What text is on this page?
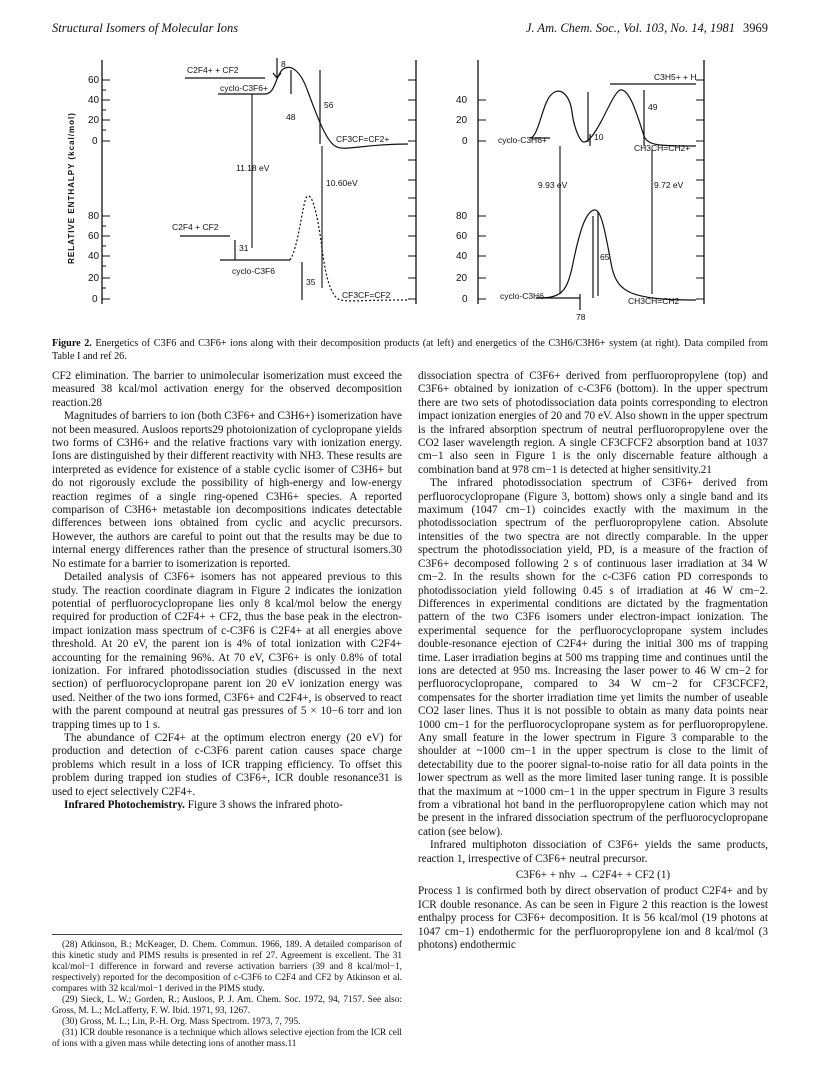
Structural Isomers of Molecular Ions	J. Am. Chem. Soc., Vol. 103, No. 14, 1981 3969
RELATIVE ENTHALPY (kcal/mol)
60
40
20
0
80
60
40
20
0
C2F4+ + CF2
8
cyclo-C3F6+
56
48
CF3CF=CF2+
11.18 eV
10.60eV
C2F4 + CF2
31
cyclo-C3F6
35
CF3CF=CF2
40
20
0
80
60
40
20
0
C3H5+ + H
49
cyclo-C3H6+	10
CH3CH=CH2+
9.93 eV	9.72 eV
65
cyclo-C3H6	CH3CH=CH2
78
Figure 2. Energetics of C3F6 and C3F6+ ions along with their decomposition products (at left) and energetics of the C3H6/C3H6+ system (at right). Data compiled from Table I and ref 26.

CF2 elimination. The barrier to unimolecular isomerization must exceed the measured 38 kcal/mol activation energy for the observed decomposition reaction.28

Magnitudes of barriers to ion (both C3F6+ and C3H6+) isomerization have not been measured. Ausloos reports29 photoionization of cyclopropane yields two forms of C3H6+ and the relative fractions vary with ionization energy. Ions are distinguished by their different reactivity with NH3. These results are interpreted as evidence for existence of a stable cyclic isomer of C3H6+ but do not rigorously exclude the possibility of high-energy and low-energy reaction regimes of a single ring-opened C3H6+ species. A reported comparison of C3H6+ metastable ion decompositions indicates detectable differences between ions obtained from cyclic and acyclic precursors. However, the authors are careful to point out that the results may be due to internal energy differences rather than the presence of structural isomers.30 No estimate for a barrier to isomerization is reported.

Detailed analysis of C3F6+ isomers has not appeared previous to this study. The reaction coordinate diagram in Figure 2 indicates the ionization potential of perfluorocyclopropane lies only 8 kcal/mol below the energy required for production of C2F4+ + CF2, thus the base peak in the electron-impact ionization mass spectrum of c-C3F6 is C2F4+ at all energies above threshold. At 20 eV, the parent ion is 4% of total ionization with C2F4+ accounting for the remaining 96%. At 70 eV, C3F6+ is only 0.8% of total ionization. For infrared photodissociation studies (discussed in the next section) of perfluorocyclopropane parent ion 20 eV ionization energy was used. Neither of the two ions formed, C3F6+ and C2F4+, is observed to react with the parent compound at neutral gas pressures of 5 × 10−6 torr and ion trapping times up to 1 s.

The abundance of C2F4+ at the optimum electron energy (20 eV) for production and detection of c-C3F6 parent cation causes space charge problems which result in a loss of ICR trapping efficiency. To offset this problem during trapped ion studies of C3F6+, ICR double resonance31 is used to eject selectively C2F4+.

Infrared Photochemistry. Figure 3 shows the infrared photo-

(28) Atkinson, B.; McKeager, D. Chem. Commun. 1966, 189. A detailed comparison of this kinetic study and PIMS results is presented in ref 27. Agreement is excellent. The 31 kcal/mol−1 difference in forward and reverse activation barriers (39 and 8 kcal/mol−1, respectively) reported for the decomposition of c-C3F6 to C2F4 and CF2 by Atkinson et al. compares with 32 kcal/mol−1 derived in the PIMS study.

(29) Sieck, L. W.; Gorden, R.; Ausloos, P. J. Am. Chem. Soc. 1972, 94, 7157. See also: Gross, M. L.; McLafferty, F. W. Ibid. 1971, 93, 1267.

(30) Gross, M. L.; Lin, P.-H. Org. Mass Spectrom. 1973, 7, 795.

(31) ICR double resonance is a technique which allows selective ejection from the ICR cell of ions with a given mass while detecting ions of another mass.11

dissociation spectra of C3F6+ derived from perfluoropropylene (top) and C3F6+ obtained by ionization of c-C3F6 (bottom). In the upper spectrum there are two sets of photodissociation data points corresponding to electron impact ionization energies of 20 and 70 eV. Also shown in the upper spectrum is the infrared absorption spectrum of neutral perfluoropropylene over the CO2 laser wavelength region. A single CF3CFCF2 absorption band at 1037 cm−1 also seen in Figure 1 is the only discernable feature although a combination band at 978 cm−1 is detected at higher sensitivity.21

The infrared photodissociation spectrum of C3F6+ derived from perfluorocyclopropane (Figure 3, bottom) shows only a single band and its maximum (1047 cm−1) coincides exactly with the maximum in the photodissociation spectrum of the perfluoropropylene cation. Absolute intensities of the two spectra are not directly comparable. In the upper spectrum the photodissociation yield, PD, is a measure of the fraction of C3F6+ decomposed following 2 s of continuous laser irradiation at 34 W cm−2. In the results shown for the c-C3F6 cation PD corresponds to photodissociation yield following 0.45 s of irradiation at 46 W cm−2. Differences in experimental conditions are dictated by the fragmentation pattern of the two C3F6 isomers under electron-impact ionization. The experimental sequence for the perfluorocyclopropane system includes double-resonance ejection of C2F4+ during the initial 300 ms of trapping time. Laser irradiation begins at 500 ms trapping time and continues until the ions are detected at 950 ms. Increasing the laser power to 46 W cm−2 for perfluorocyclopropane, compared to 34 W cm−2 for CF3CFCF2, compensates for the shorter irradiation time yet limits the number of useable CO2 laser lines. Thus it is not possible to obtain as many data points near 1000 cm−1 for the perfluorocyclopropane system as for perfluoropropylene. Any small feature in the lower spectrum in Figure 3 comparable to the shoulder at ~1000 cm−1 in the upper spectrum is close to the limit of detectability due to the poorer signal-to-noise ratio for all data points in the lower spectrum as well as the more limited laser tuning range. It is possible that the maximum at ~1000 cm−1 in the upper spectrum in Figure 3 results from a vibrational hot band in the perfluoropropylene cation which may not be present in the infrared dissociation spectrum of the perfluorocyclopropane cation (see below).

Infrared multiphoton dissociation of C3F6+ yields the same products, reaction 1, irrespective of C3F6+ neutral precursor.

C3F6+ + nhν → C2F4+ + CF2 (1)

Process 1 is confirmed both by direct observation of product C2F4+ and by ICR double resonance. As can be seen in Figure 2 this reaction is the lowest enthalpy process for C3F6+ decomposition. It is 56 kcal/mol (19 photons at 1047 cm−1) endothermic for the perfluoropropylene ion and 8 kcal/mol (3 photons) endothermic
